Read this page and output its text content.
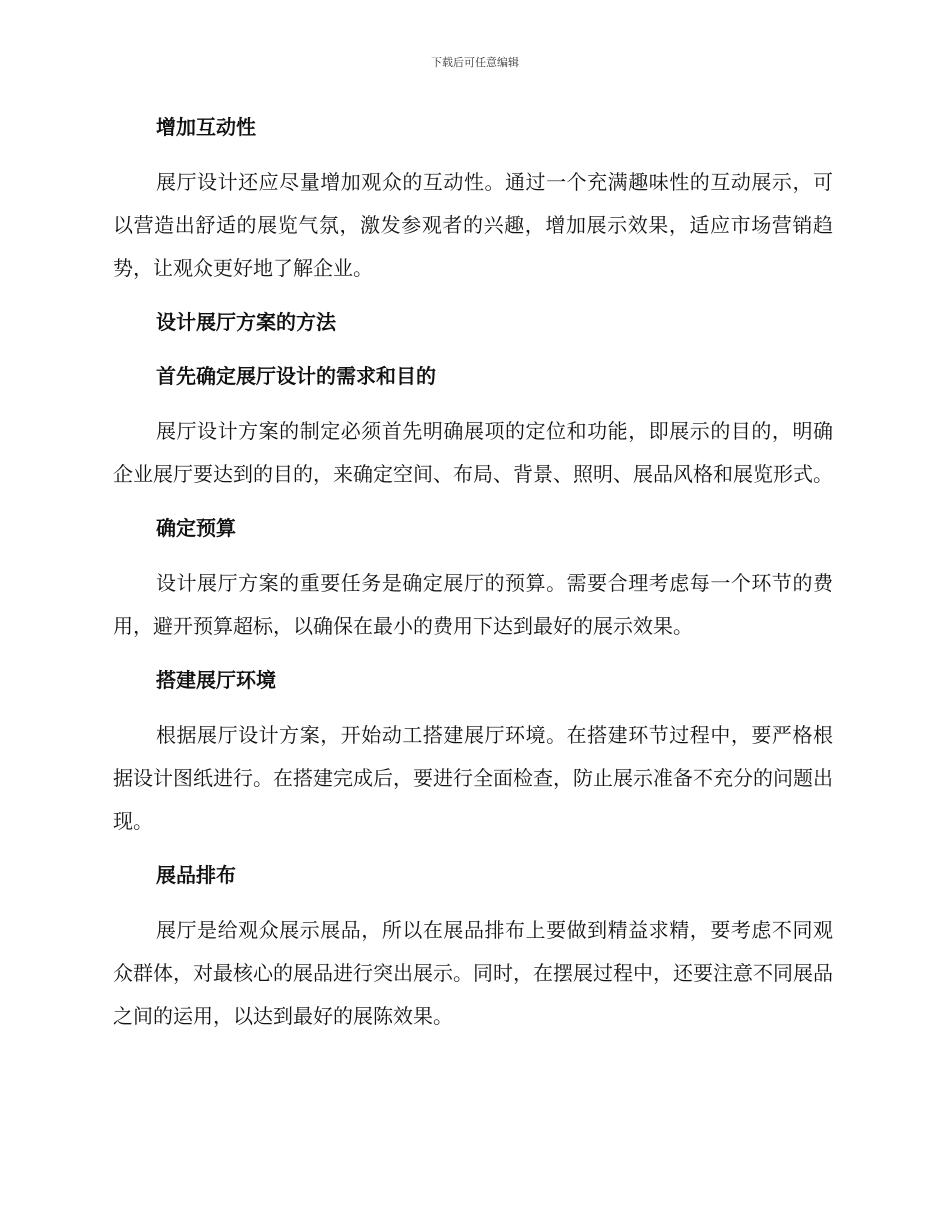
下载后可任意编辑
增加互动性

展厅设计还应尽量增加观众的互动性。通过一个充满趣味性的互动展示，可以营造出舒适的展览气氛，激发参观者的兴趣，增加展示效果，适应市场营销趋势，让观众更好地了解企业。

设计展厅方案的方法
首先确定展厅设计的需求和目的

展厅设计方案的制定必须首先明确展项的定位和功能，即展示的目的，明确企业展厅要达到的目的，来确定空间、布局、背景、照明、展品风格和展览形式。

确定预算

设计展厅方案的重要任务是确定展厅的预算。需要合理考虑每一个环节的费用，避开预算超标，以确保在最小的费用下达到最好的展示效果。

搭建展厅环境

根据展厅设计方案，开始动工搭建展厅环境。在搭建环节过程中，要严格根据设计图纸进行。在搭建完成后，要进行全面检查，防止展示准备不充分的问题出现。

展品排布

展厅是给观众展示展品，所以在展品排布上要做到精益求精，要考虑不同观众群体，对最核心的展品进行突出展示。同时，在摆展过程中，还要注意不同展品之间的运用，以达到最好的展陈效果。
